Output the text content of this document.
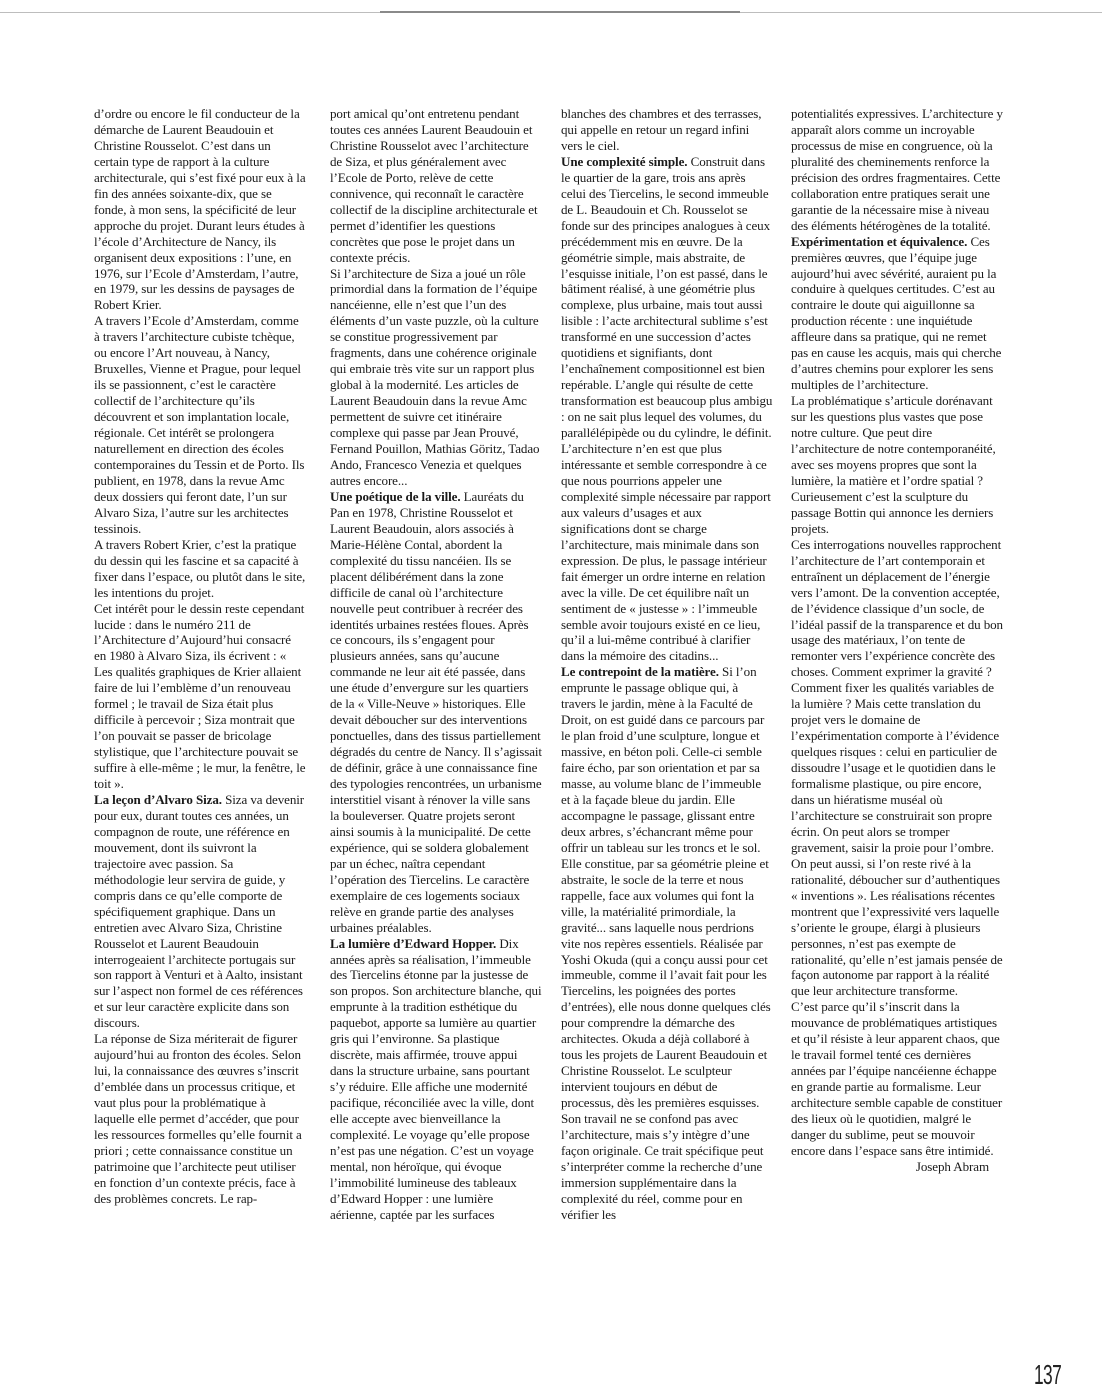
d’ordre ou encore le fil conducteur de la démarche de Laurent Beaudouin et Christine Rousselot. C’est dans un certain type de rapport à la culture architecturale, qui s’est fixé pour eux à la fin des années soixante-dix, que se fonde, à mon sens, la spécificité de leur approche du projet. Durant leurs études à l’école d’Architecture de Nancy, ils organisent deux expositions : l’une, en 1976, sur l’Ecole d’Amsterdam, l’autre, en 1979, sur les dessins de paysages de Robert Krier.

A travers l’Ecole d’Amsterdam, comme à travers l’architecture cubiste tchèque, ou encore l’Art nouveau, à Nancy, Bruxelles, Vienne et Prague, pour lequel ils se passionnent, c’est le caractère collectif de l’architecture qu’ils découvrent et son implantation locale, régionale. Cet intérêt se prolongera naturellement en direction des écoles contemporaines du Tessin et de Porto. Ils publient, en 1978, dans la revue Amc deux dossiers qui feront date, l’un sur Alvaro Siza, l’autre sur les architectes tessinois.

A travers Robert Krier, c’est la pratique du dessin qui les fascine et sa capacité à fixer dans l’espace, ou plutôt dans le site, les intentions du projet.

Cet intérêt pour le dessin reste cependant lucide : dans le numéro 211 de l’Architecture d’Aujourd’hui consacré en 1980 à Alvaro Siza, ils écrivent : « Les qualités graphiques de Krier allaient faire de lui l’emblème d’un renouveau formel ; le travail de Siza était plus difficile à percevoir ; Siza montrait que l’on pouvait se passer de bricolage stylistique, que l’architecture pouvait se suffire à elle-même ; le mur, la fenêtre, le toit ».

La leçon d’Alvaro Siza. Siza va devenir pour eux, durant toutes ces années, un compagnon de route, une référence en mouvement, dont ils suivront la trajectoire avec passion. Sa méthodologie leur servira de guide, y compris dans ce qu’elle comporte de spécifiquement graphique. Dans un entretien avec Alvaro Siza, Christine Rousselot et Laurent Beaudouin interrogeaient l’architecte portugais sur son rapport à Venturi et à Aalto, insistant sur l’aspect non formel de ces références et sur leur caractère explicite dans son discours.

La réponse de Siza mériterait de figurer aujourd’hui au fronton des écoles. Selon lui, la connaissance des œuvres s’inscrit d’emblée dans un processus critique, et vaut plus pour la problématique à laquelle elle permet d’accéder, que pour les ressources formelles qu’elle fournit a priori ; cette connaissance constitue un patrimoine que l’architecte peut utiliser en fonction d’un contexte précis, face à des problèmes concrets. Le rap-

port amical qu’ont entretenu pendant toutes ces années Laurent Beaudouin et Christine Rousselot avec l’architecture de Siza, et plus généralement avec l’Ecole de Porto, relève de cette connivence, qui reconnaît le caractère collectif de la discipline architecturale et permet d’identifier les questions concrètes que pose le projet dans un contexte précis.

Si l’architecture de Siza a joué un rôle primordial dans la formation de l’équipe nancéienne, elle n’est que l’un des éléments d’un vaste puzzle, où la culture se constitue progressivement par fragments, dans une cohérence originale qui embraie très vite sur un rapport plus global à la modernité. Les articles de Laurent Beaudouin dans la revue Amc permettent de suivre cet itinéraire complexe qui passe par Jean Prouvé, Fernand Pouillon, Mathias Göritz, Tadao Ando, Francesco Venezia et quelques autres encore...

Une poétique de la ville. Lauréats du Pan en 1978, Christine Rousselot et Laurent Beaudouin, alors associés à Marie-Hélène Contal, abordent la complexité du tissu nancéien. Ils se placent délibérément dans la zone difficile de canal où l’architecture nouvelle peut contribuer à recréer des identités urbaines restées floues. Après ce concours, ils s’engagent pour plusieurs années, sans qu’aucune commande ne leur ait été passée, dans une étude d’envergure sur les quartiers de la « Ville-Neuve » historiques. Elle devait déboucher sur des interventions ponctuelles, dans des tissus partiellement dégradés du centre de Nancy. Il s’agissait de définir, grâce à une connaissance fine des typologies rencontrées, un urbanisme interstitiel visant à rénover la ville sans la bouleverser. Quatre projets seront ainsi soumis à la municipalité. De cette expérience, qui se soldera globalement par un échec, naîtra cependant l’opération des Tiercelins. Le caractère exemplaire de ces logements sociaux relève en grande partie des analyses urbaines préalables.

La lumière d’Edward Hopper. Dix années après sa réalisation, l’immeuble des Tiercelins étonne par la justesse de son propos. Son architecture blanche, qui emprunte à la tradition esthétique du paquebot, apporte sa lumière au quartier gris qui l’environne. Sa plastique discrète, mais affirmée, trouve appui dans la structure urbaine, sans pourtant s’y réduire. Elle affiche une modernité pacifique, réconciliée avec la ville, dont elle accepte avec bienveillance la complexité. Le voyage qu’elle propose n’est pas une négation. C’est un voyage mental, non héroïque, qui évoque l’immobilité lumineuse des tableaux d’Edward Hopper : une lumière aérienne, captée par les surfaces

blanches des chambres et des terrasses, qui appelle en retour un regard infini vers le ciel.

Une complexité simple. Construit dans le quartier de la gare, trois ans après celui des Tiercelins, le second immeuble de L. Beaudouin et Ch. Rousselot se fonde sur des principes analogues à ceux précédemment mis en œuvre. De la géométrie simple, mais abstraite, de l’esquisse initiale, l’on est passé, dans le bâtiment réalisé, à une géométrie plus complexe, plus urbaine, mais tout aussi lisible : l’acte architectural sublime s’est transformé en une succession d’actes quotidiens et signifiants, dont l’enchaînement compositionnel est bien repérable. L’angle qui résulte de cette transformation est beaucoup plus ambigu : on ne sait plus lequel des volumes, du parallélépipède ou du cylindre, le définit. L’architecture n’en est que plus intéressante et semble correspondre à ce que nous pourrions appeler une complexité simple nécessaire par rapport aux valeurs d’usages et aux significations dont se charge l’architecture, mais minimale dans son expression. De plus, le passage intérieur fait émerger un ordre interne en relation avec la ville. De cet équilibre naît un sentiment de « justesse » : l’immeuble semble avoir toujours existé en ce lieu, qu’il a lui-même contribué à clarifier dans la mémoire des citadins...

Le contrepoint de la matière. Si l’on emprunte le passage oblique qui, à travers le jardin, mène à la Faculté de Droit, on est guidé dans ce parcours par le plan froid d’une sculpture, longue et massive, en béton poli. Celle-ci semble faire écho, par son orientation et par sa masse, au volume blanc de l’immeuble et à la façade bleue du jardin. Elle accompagne le passage, glissant entre deux arbres, s’échancrant même pour offrir un tableau sur les troncs et le sol. Elle constitue, par sa géométrie pleine et abstraite, le socle de la terre et nous rappelle, face aux volumes qui font la ville, la matérialité primordiale, la gravité... sans laquelle nous perdrions vite nos repères essentiels. Réalisée par Yoshi Okuda (qui a conçu aussi pour cet immeuble, comme il l’avait fait pour les Tiercelins, les poignées des portes d’entrées), elle nous donne quelques clés pour comprendre la démarche des architectes. Okuda a déjà collaboré à tous les projets de Laurent Beaudouin et Christine Rousselot. Le sculpteur intervient toujours en début de processus, dès les premières esquisses. Son travail ne se confond pas avec l’architecture, mais s’y intègre d’une façon originale. Ce trait spécifique peut s’interpréter comme la recherche d’une immersion supplémentaire dans la complexité du réel, comme pour en vérifier les

potentialités expressives. L’architecture y apparaît alors comme un incroyable processus de mise en congruence, où la pluralité des cheminements renforce la précision des ordres fragmentaires. Cette collaboration entre pratiques serait une garantie de la nécessaire mise à niveau des éléments hétérogènes de la totalité.

Expérimentation et équivalence. Ces premières œuvres, que l’équipe juge aujourd’hui avec sévérité, auraient pu la conduire à quelques certitudes. C’est au contraire le doute qui aiguillonne sa production récente : une inquiétude affleure dans sa pratique, qui ne remet pas en cause les acquis, mais qui cherche d’autres chemins pour explorer les sens multiples de l’architecture.

La problématique s’articule dorénavant sur les questions plus vastes que pose notre culture. Que peut dire l’architecture de notre contemporanéité, avec ses moyens propres que sont la lumière, la matière et l’ordre spatial ? Curieusement c’est la sculpture du passage Bottin qui annonce les derniers projets.

Ces interrogations nouvelles rapprochent l’architecture de l’art contemporain et entraînent un déplacement de l’énergie vers l’amont. De la convention acceptée, de l’évidence classique d’un socle, de l’idéal passif de la transparence et du bon usage des matériaux, l’on tente de remonter vers l’expérience concrète des choses. Comment exprimer la gravité ? Comment fixer les qualités variables de la lumière ? Mais cette translation du projet vers le domaine de l’expérimentation comporte à l’évidence quelques risques : celui en particulier de dissoudre l’usage et le quotidien dans le formalisme plastique, ou pire encore, dans un hiératisme muséal où l’architecture se construirait son propre écrin. On peut alors se tromper gravement, saisir la proie pour l’ombre. On peut aussi, si l’on reste rivé à la rationalité, déboucher sur d’authentiques « inventions ». Les réalisations récentes montrent que l’expressivité vers laquelle s’oriente le groupe, élargi à plusieurs personnes, n’est pas exempte de rationalité, qu’elle n’est jamais pensée de façon autonome par rapport à la réalité que leur architecture transforme.

C’est parce qu’il s’inscrit dans la mouvance de problématiques artistiques et qu’il résiste à leur apparent chaos, que le travail formel tenté ces dernières années par l’équipe nancéienne échappe en grande partie au formalisme. Leur architecture semble capable de constituer des lieux où le quotidien, malgré le danger du sublime, peut se mouvoir encore dans l’espace sans être intimidé.

Joseph Abram

137
